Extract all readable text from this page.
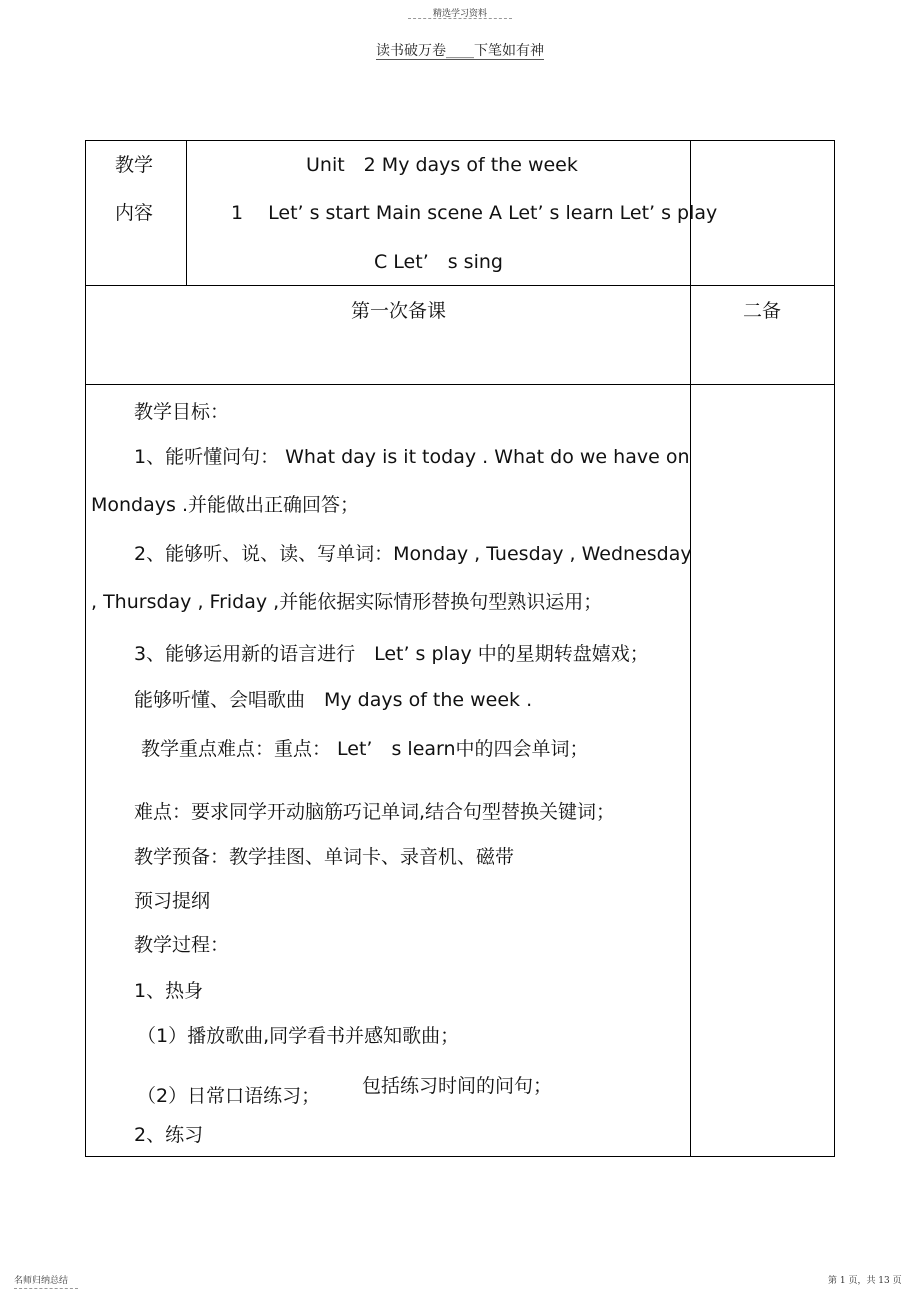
精选学习资料
读书破万卷____下笔如有神
教学
内容
Unit　2 My days of the week
1　 Let’ s start Main scene A Let’ s learn Let’ s play
C Let’　s sing
第一次备课	二备
教学目标：
1、能听懂问句： What day is it today . What do we have on
Mondays .并能做出正确回答；
2、能够听、说、读、写单词：Monday , Tuesday , Wednesday
, Thursday , Friday ,并能依据实际情形替换句型熟识运用；
3、能够运用新的语言进行　Let’ s play 中的星期转盘嬉戏；
能够听懂、会唱歌曲　My days of the week .
教学重点难点：重点： Let’　s learn中的四会单词；
难点：要求同学开动脑筋巧记单词,结合句型替换关键词；
教学预备：教学挂图、单词卡、录音机、磁带
预习提纲
教学过程：
1、热身
（1）播放歌曲,同学看书并感知歌曲；
包括练习时间的问句；
（2）日常口语练习；
2、练习
名师归纳总结	第 1 页，共 13 页
